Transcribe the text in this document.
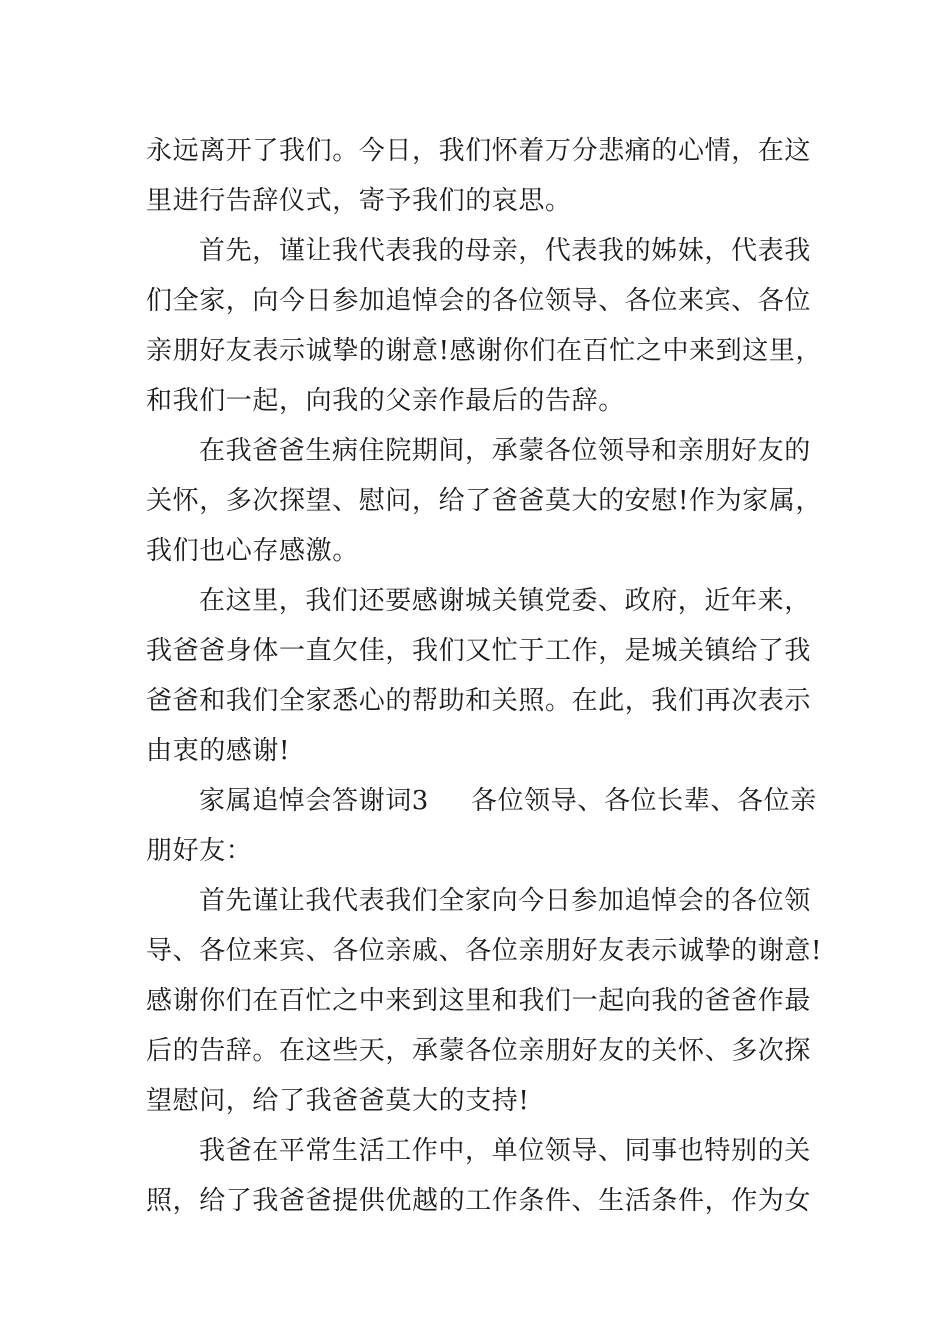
永远离开了我们。今日，我们怀着万分悲痛的心情，在这
里进行告辞仪式，寄予我们的哀思。
首先，谨让我代表我的母亲，代表我的姊妹，代表我
们全家，向今日参加追悼会的各位领导、各位来宾、各位
亲朋好友表示诚挚的谢意!感谢你们在百忙之中来到这里，
和我们一起，向我的父亲作最后的告辞。
在我爸爸生病住院期间，承蒙各位领导和亲朋好友的
关怀，多次探望、慰问，给了爸爸莫大的安慰!作为家属，
我们也心存感激。
在这里，我们还要感谢城关镇党委、政府，近年来，
我爸爸身体一直欠佳，我们又忙于工作，是城关镇给了我
爸爸和我们全家悉心的帮助和关照。在此，我们再次表示
由衷的感谢!
家属追悼会答谢词3 各位领导、各位长辈、各位亲
朋好友：
首先谨让我代表我们全家向今日参加追悼会的各位领
导、各位来宾、各位亲戚、各位亲朋好友表示诚挚的谢意!
感谢你们在百忙之中来到这里和我们一起向我的爸爸作最
后的告辞。在这些天，承蒙各位亲朋好友的关怀、多次探
望慰问，给了我爸爸莫大的支持!
我爸在平常生活工作中，单位领导、同事也特别的关
照，给了我爸爸提供优越的工作条件、生活条件，作为女
